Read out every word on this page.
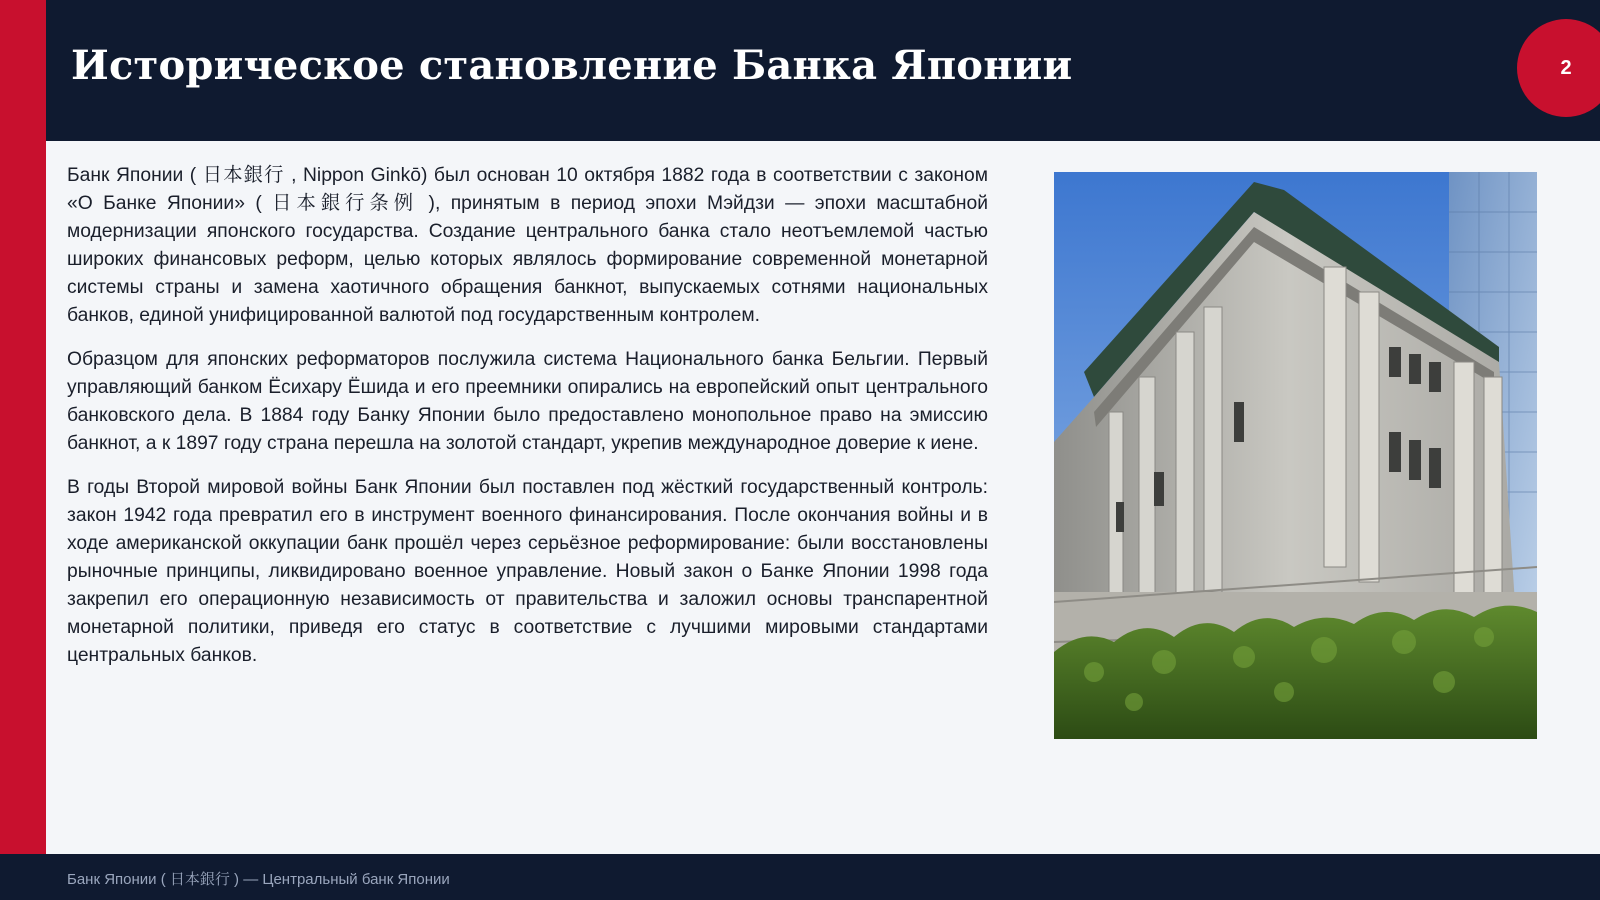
Историческое становление Банка Японии	2

Банк Японии ( 日本銀行 , Nippon Ginkō) был основан 10 октября 1882 года в соответствии с законом «О Банке Японии» ( 日本銀行条例 ), принятым в период эпохи Мэйдзи — эпохи масштабной модернизации японского государства. Создание центрального банка стало неотъемлемой частью широких финансовых реформ, целью которых являлось формирование современной монетарной системы страны и замена хаотичного обращения банкнот, выпускаемых сотнями национальных банков, единой унифицированной валютой под государственным контролем.

Образцом для японских реформаторов послужила система Национального банка Бельгии. Первый управляющий банком Ёсихару Ёшида и его преемники опирались на европейский опыт центрального банковского дела. В 1884 году Банку Японии было предоставлено монопольное право на эмиссию банкнот, а к 1897 году страна перешла на золотой стандарт, укрепив международное доверие к иене.

В годы Второй мировой войны Банк Японии был поставлен под жёсткий государственный контроль: закон 1942 года превратил его в инструмент военного финансирования. После окончания войны и в ходе американской оккупации банк прошёл через серьёзное реформирование: были восстановлены рыночные принципы, ликвидировано военное управление. Новый закон о Банке Японии 1998 года закрепил его операционную независимость от правительства и заложил основы транспарентной монетарной политики, приведя его статус в соответствие с лучшими мировыми стандартами центральных банков.

Банк Японии ( 日本銀行 ) — Центральный банк Японии
